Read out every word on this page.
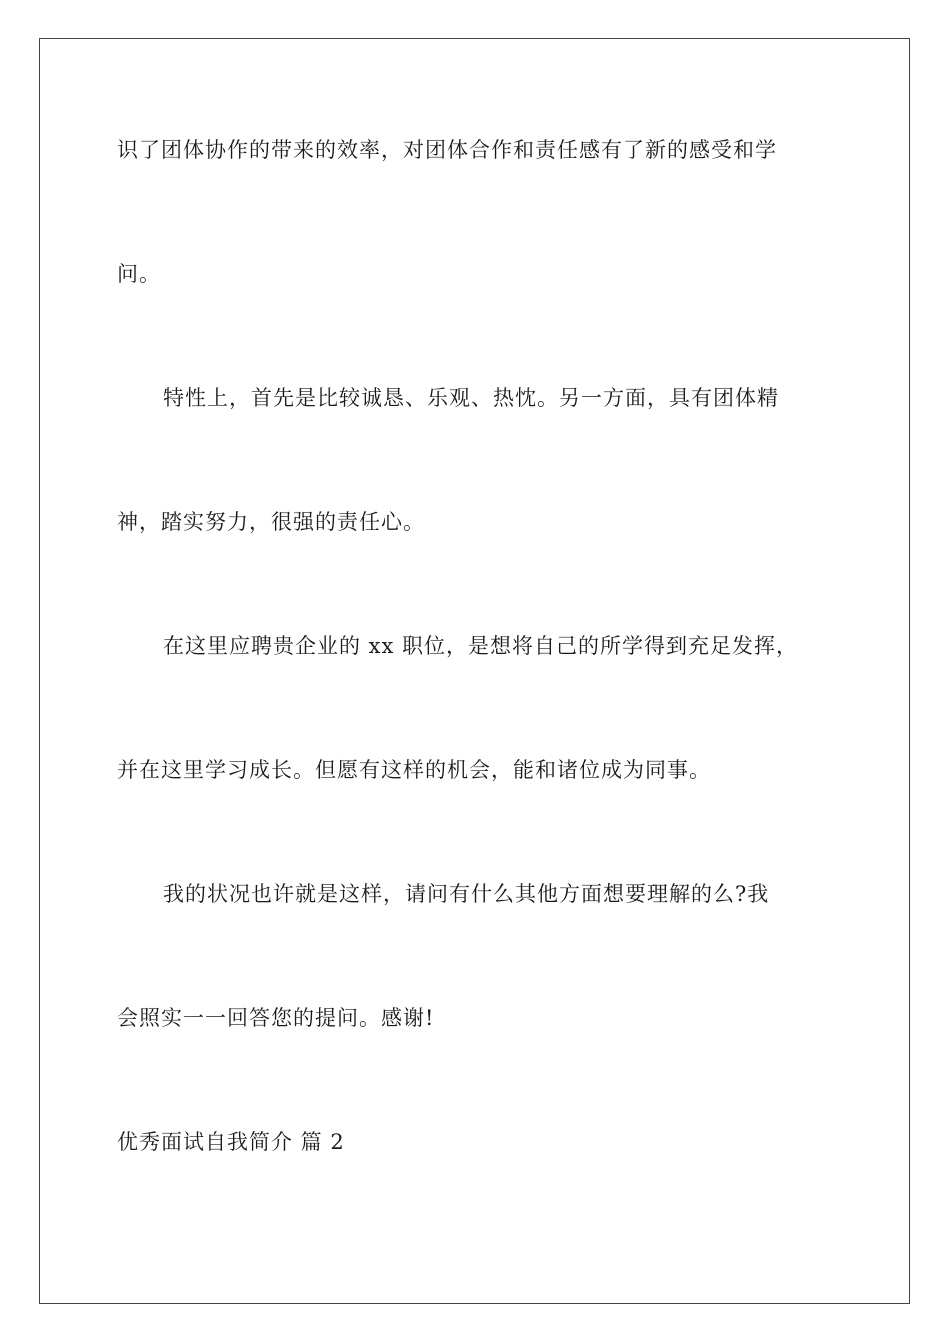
识了团体协作的带来的效率，对团体合作和责任感有了新的感受和学
问。
特性上，首先是比较诚恳、乐观、热忱。另一方面，具有团体精
神，踏实努力，很强的责任心。
在这里应聘贵企业的 xx 职位，是想将自己的所学得到充足发挥，
并在这里学习成长。但愿有这样的机会，能和诸位成为同事。
我的状况也许就是这样，请问有什么其他方面想要理解的么?我
会照实一一回答您的提问。感谢!
优秀面试自我简介 篇 2
